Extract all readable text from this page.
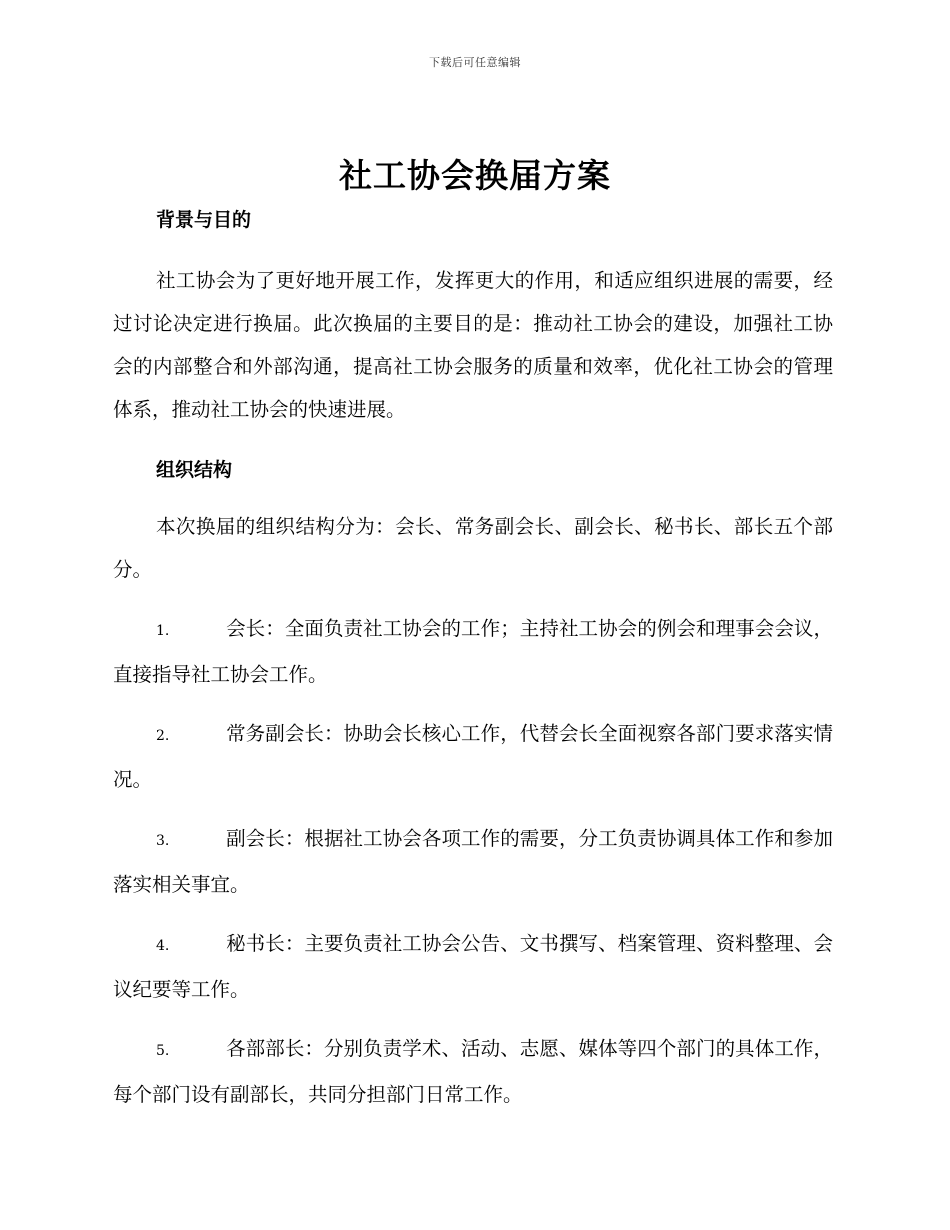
下载后可任意编辑
社工协会换届方案
背景与目的

社工协会为了更好地开展工作，发挥更大的作用，和适应组织进展的需要，经过讨论决定进行换届。此次换届的主要目的是：推动社工协会的建设，加强社工协会的内部整合和外部沟通，提高社工协会服务的质量和效率，优化社工协会的管理体系，推动社工协会的快速进展。

组织结构

本次换届的组织结构分为：会长、常务副会长、副会长、秘书长、部长五个部分。

1.	会长：全面负责社工协会的工作；主持社工协会的例会和理事会会议，直接指导社工协会工作。

2.	常务副会长：协助会长核心工作，代替会长全面视察各部门要求落实情况。

3.	副会长：根据社工协会各项工作的需要，分工负责协调具体工作和参加落实相关事宜。

4.	秘书长：主要负责社工协会公告、文书撰写、档案管理、资料整理、会议纪要等工作。

5.	各部部长：分别负责学术、活动、志愿、媒体等四个部门的具体工作，每个部门设有副部长，共同分担部门日常工作。
